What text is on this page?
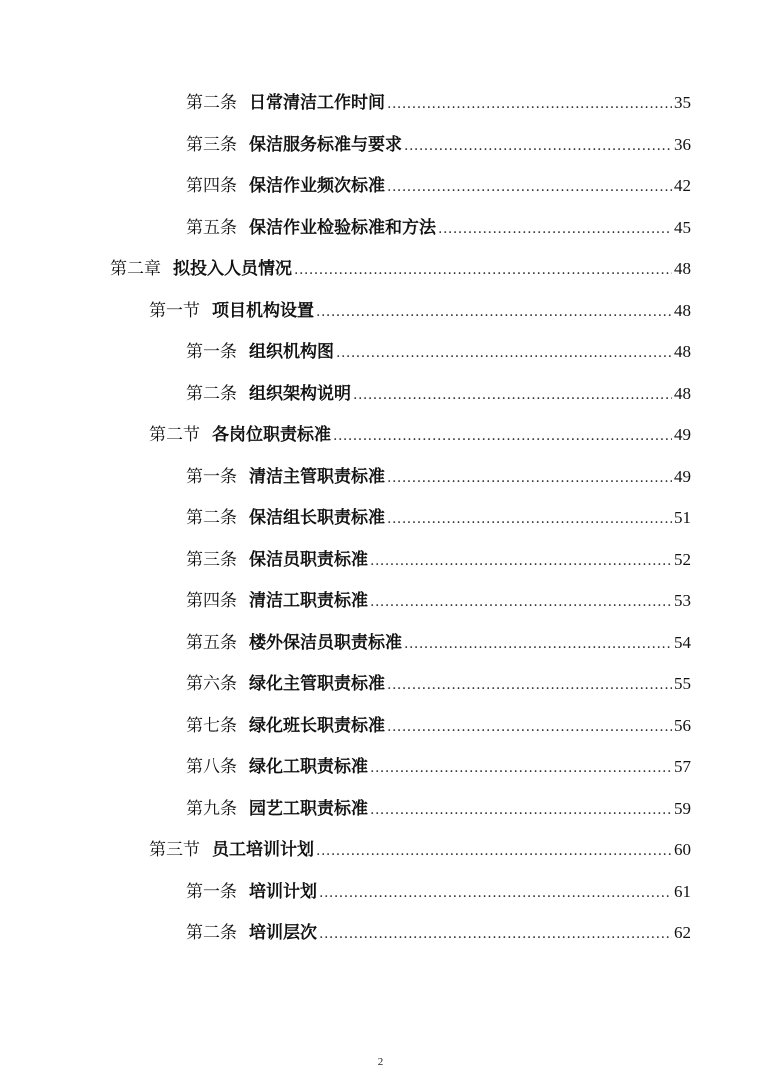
第二条 日常清洁工作时间 .....	35
第三条 保洁服务标准与要求 .....	36
第四条 保洁作业频次标准 .....	42
第五条 保洁作业检验标准和方法 .....	45
第二章 拟投入人员情况 .....	48
第一节 项目机构设置 .....	48
第一条 组织机构图 .....	48
第二条 组织架构说明 .....	48
第二节 各岗位职责标准 .....	49
第一条 清洁主管职责标准 .....	49
第二条 保洁组长职责标准 .....	51
第三条 保洁员职责标准 .....	52
第四条 清洁工职责标准 .....	53
第五条 楼外保洁员职责标准 .....	54
第六条 绿化主管职责标准 .....	55
第七条 绿化班长职责标准 .....	56
第八条 绿化工职责标准 .....	57
第九条 园艺工职责标准 .....	59
第三节 员工培训计划 .....	60
第一条 培训计划 .....	61
第二条 培训层次 .....	62
2
